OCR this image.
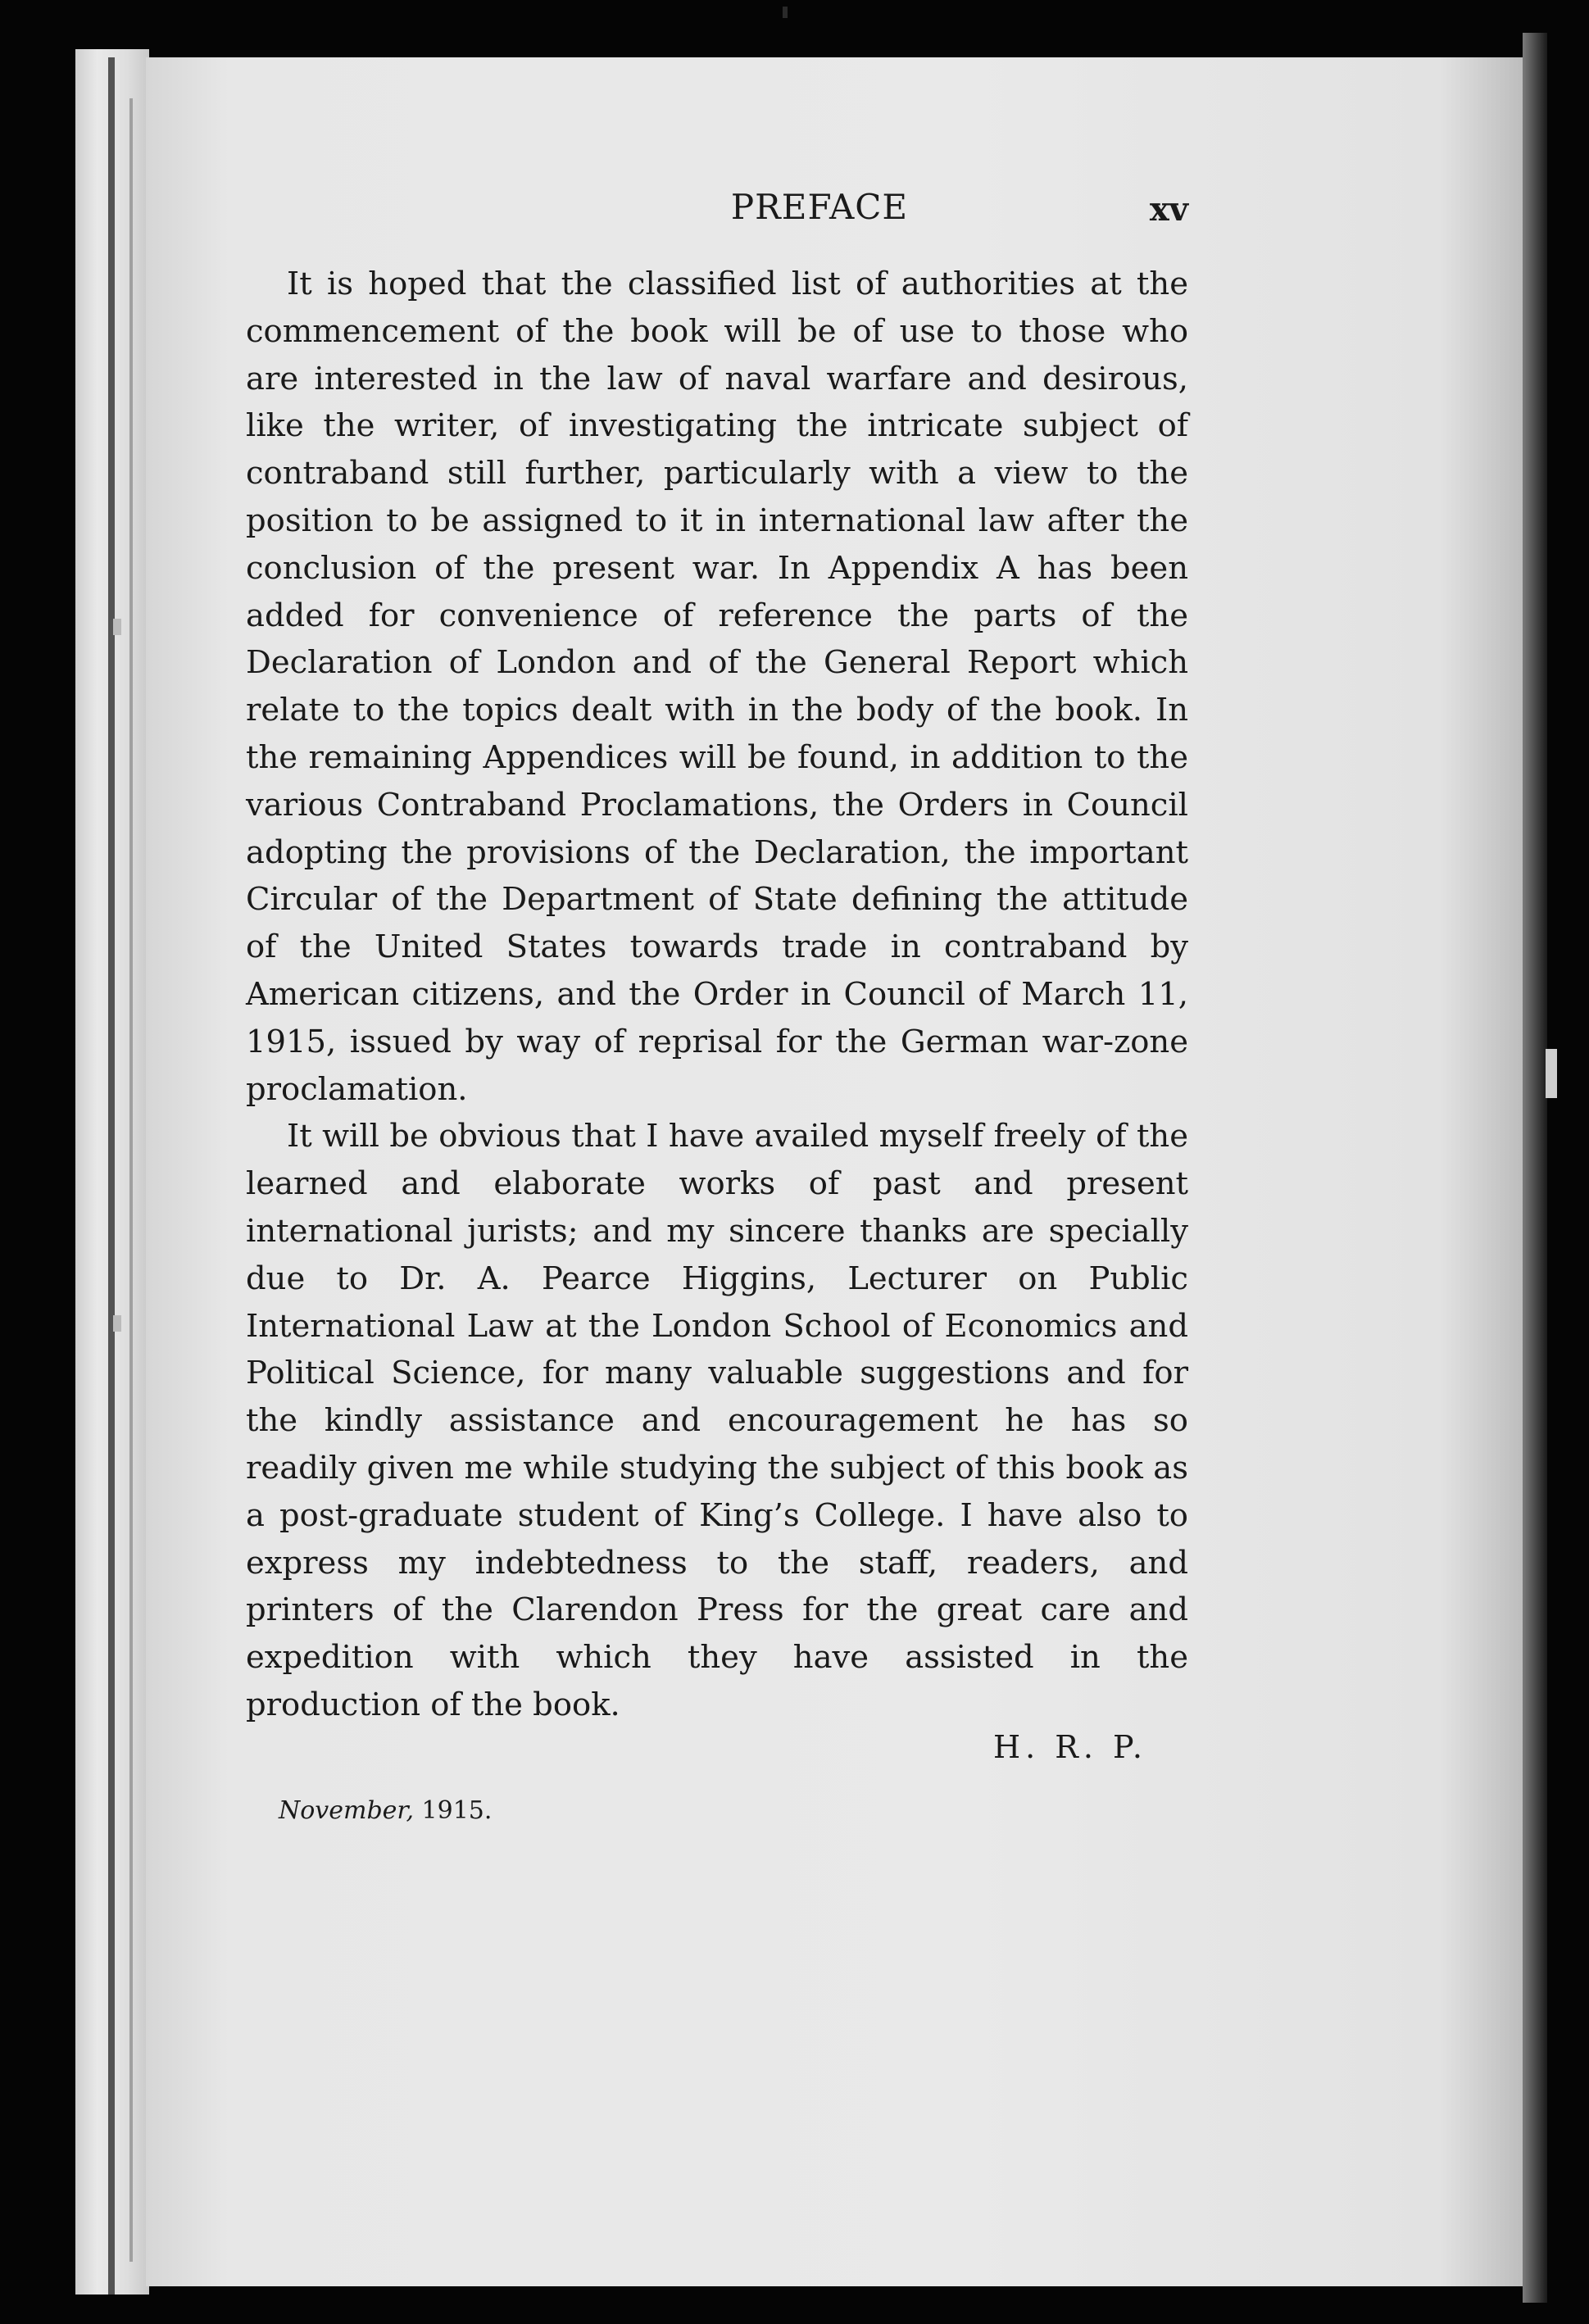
PREFACE	xv

It is hoped that the classified list of authorities at the commencement of the book will be of use to those who are interested in the law of naval warfare and desirous, like the writer, of investigating the intricate subject of contraband still further, particularly with a view to the position to be assigned to it in international law after the conclusion of the present war. In Appendix A has been added for convenience of reference the parts of the Declaration of London and of the General Report which relate to the topics dealt with in the body of the book. In the remaining Appendices will be found, in addition to the various Contraband Proclamations, the Orders in Council adopting the provisions of the Declaration, the important Circular of the Department of State defining the attitude of the United States towards trade in contraband by American citizens, and the Order in Council of March 11, 1915, issued by way of reprisal for the German war-zone proclamation.

It will be obvious that I have availed myself freely of the learned and elaborate works of past and present international jurists; and my sincere thanks are specially due to Dr. A. Pearce Higgins, Lecturer on Public International Law at the London School of Economics and Political Science, for many valuable suggestions and for the kindly assistance and encouragement he has so readily given me while studying the subject of this book as a post-graduate student of King’s College. I have also to express my indebtedness to the staff, readers, and printers of the Clarendon Press for the great care and expedition with which they have assisted in the production of the book.

H. R. P.
November, 1915.
